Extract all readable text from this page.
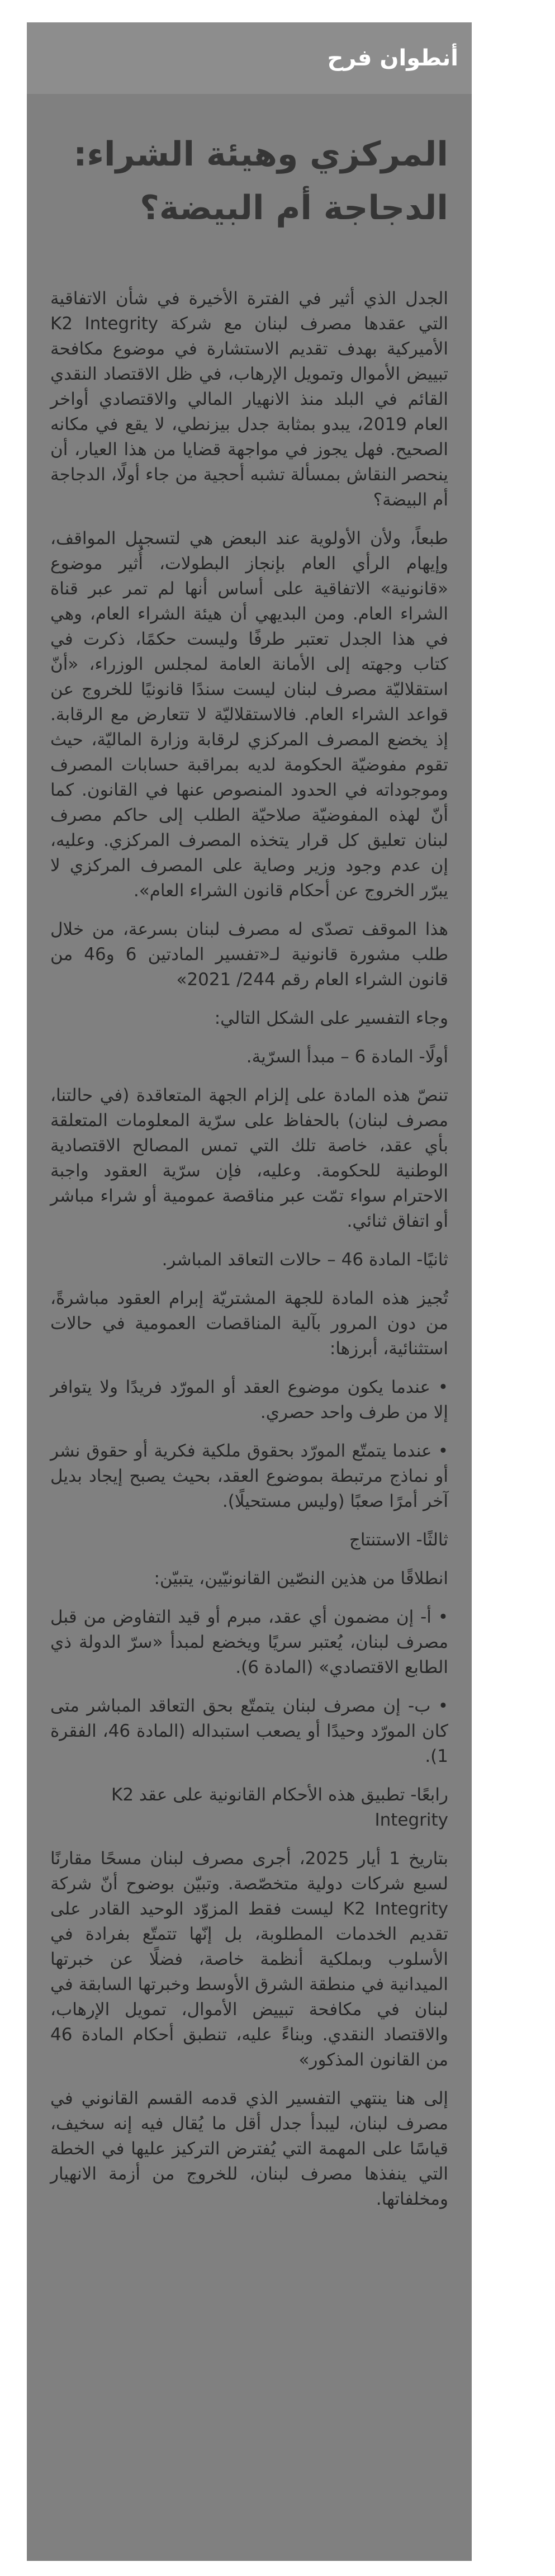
أنطوان فرح
المركزي وهيئة الشراء: الدجاجة أم البيضة؟

الجدل الذي أثير في الفترة الأخيرة في شأن الاتفاقية التي عقدها مصرف لبنان مع شركة K2 Integrity الأميركية بهدف تقديم الاستشارة في موضوع مكافحة تبييض الأموال وتمويل الإرهاب، في ظل الاقتصاد النقدي القائم في البلد منذ الانهيار المالي والاقتصادي أواخر العام 2019، يبدو بمثابة جدل بيزنطي، لا يقع في مكانه الصحيح. فهل يجوز في مواجهة قضايا من هذا العيار، أن ينحصر النقاش بمسألة تشبه أحجية من جاء أولًا، الدجاجة أم البيضة؟

طبعاً، ولأن الأولوية عند البعض هي لتسجيل المواقف، وإيهام الرأي العام بإنجاز البطولات، أُثير موضوع «قانونية» الاتفاقية على أساس أنها لم تمر عبر قناة الشراء العام. ومن البديهي أن هيئة الشراء العام، وهي في هذا الجدل تعتبر طرفًا وليست حكمًا، ذكرت في كتاب وجهته إلى الأمانة العامة لمجلس الوزراء، «أنّ استقلاليّة مصرف لبنان ليست سندًا قانونيًا للخروج عن قواعد الشراء العام. فالاستقلاليّة لا تتعارض مع الرقابة. إذ يخضع المصرف المركزي لرقابة وزارة الماليّة، حيث تقوم مفوضيّة الحكومة لديه بمراقبة حسابات المصرف وموجوداته في الحدود المنصوص عنها في القانون. كما أنّ لهذه المفوضيّة صلاحيّة الطلب إلى حاكم مصرف لبنان تعليق كل قرار يتخذه المصرف المركزي. وعليه، إن عدم وجود وزير وصاية على المصرف المركزي لا يبرّر الخروج عن أحكام قانون الشراء العام».

هذا الموقف تصدّى له مصرف لبنان بسرعة، من خلال طلب مشورة قانونية لـ«تفسير المادتين 6 و46 من قانون الشراء العام رقم 244/ 2021»

وجاء التفسير على الشكل التالي:

أولًا- المادة 6 – مبدأ السرّية.

تنصّ هذه المادة على إلزام الجهة المتعاقدة (في حالتنا، مصرف لبنان) بالحفاظ على سرّية المعلومات المتعلقة بأي عقد، خاصة تلك التي تمس المصالح الاقتصادية الوطنية للحكومة. وعليه، فإن سرّية العقود واجبة الاحترام سواء تمّت عبر مناقصة عمومية أو شراء مباشر أو اتفاق ثنائي.

ثانيًا- المادة 46 – حالات التعاقد المباشر.

تُجيز هذه المادة للجهة المشتريّة إبرام العقود مباشرةً، من دون المرور بآلية المناقصات العمومية في حالات استثنائية، أبرزها:

• عندما يكون موضوع العقد أو المورّد فريدًا ولا يتوافر إلا من طرف واحد حصري.

• عندما يتمتّع المورّد بحقوق ملكية فكرية أو حقوق نشر أو نماذج مرتبطة بموضوع العقد، بحيث يصبح إيجاد بديل آخر أمرًا صعبًا (وليس مستحيلًا).

ثالثًا- الاستنتاج

انطلاقًا من هذين النصّين القانونيّين، يتبيّن:

• أ- إن مضمون أي عقد، مبرم أو قيد التفاوض من قبل مصرف لبنان، يُعتبر سريًا ويخضع لمبدأ «سرّ الدولة ذي الطابع الاقتصادي» (المادة 6).

• ب- إن مصرف لبنان يتمتّع بحق التعاقد المباشر متى كان المورّد وحيدًا أو يصعب استبداله (المادة 46، الفقرة 1).

رابعًا- تطبيق هذه الأحكام القانونية على عقد K2 Integrity

بتاريخ 1 أيار 2025، أجرى مصرف لبنان مسحًا مقارنًا لسبع شركات دولية متخصّصة. وتبيّن بوضوح أنّ شركة K2 Integrity ليست فقط المزوّد الوحيد القادر على تقديم الخدمات المطلوبة، بل إنّها تتمتّع بفرادة في الأسلوب وبملكية أنظمة خاصة، فضلًا عن خبرتها الميدانية في منطقة الشرق الأوسط وخبرتها السابقة في لبنان في مكافحة تبييض الأموال، تمويل الإرهاب، والاقتصاد النقدي. وبناءً عليه، تنطبق أحكام المادة 46 من القانون المذكور»

إلى هنا ينتهي التفسير الذي قدمه القسم القانوني في مصرف لبنان، ليبدأ جدل أقل ما يُقال فيه إنه سخيف، قياسًا على المهمة التي يُفترض التركيز عليها في الخطة التي ينفذها مصرف لبنان، للخروج من أزمة الانهيار ومخلفاتها.
